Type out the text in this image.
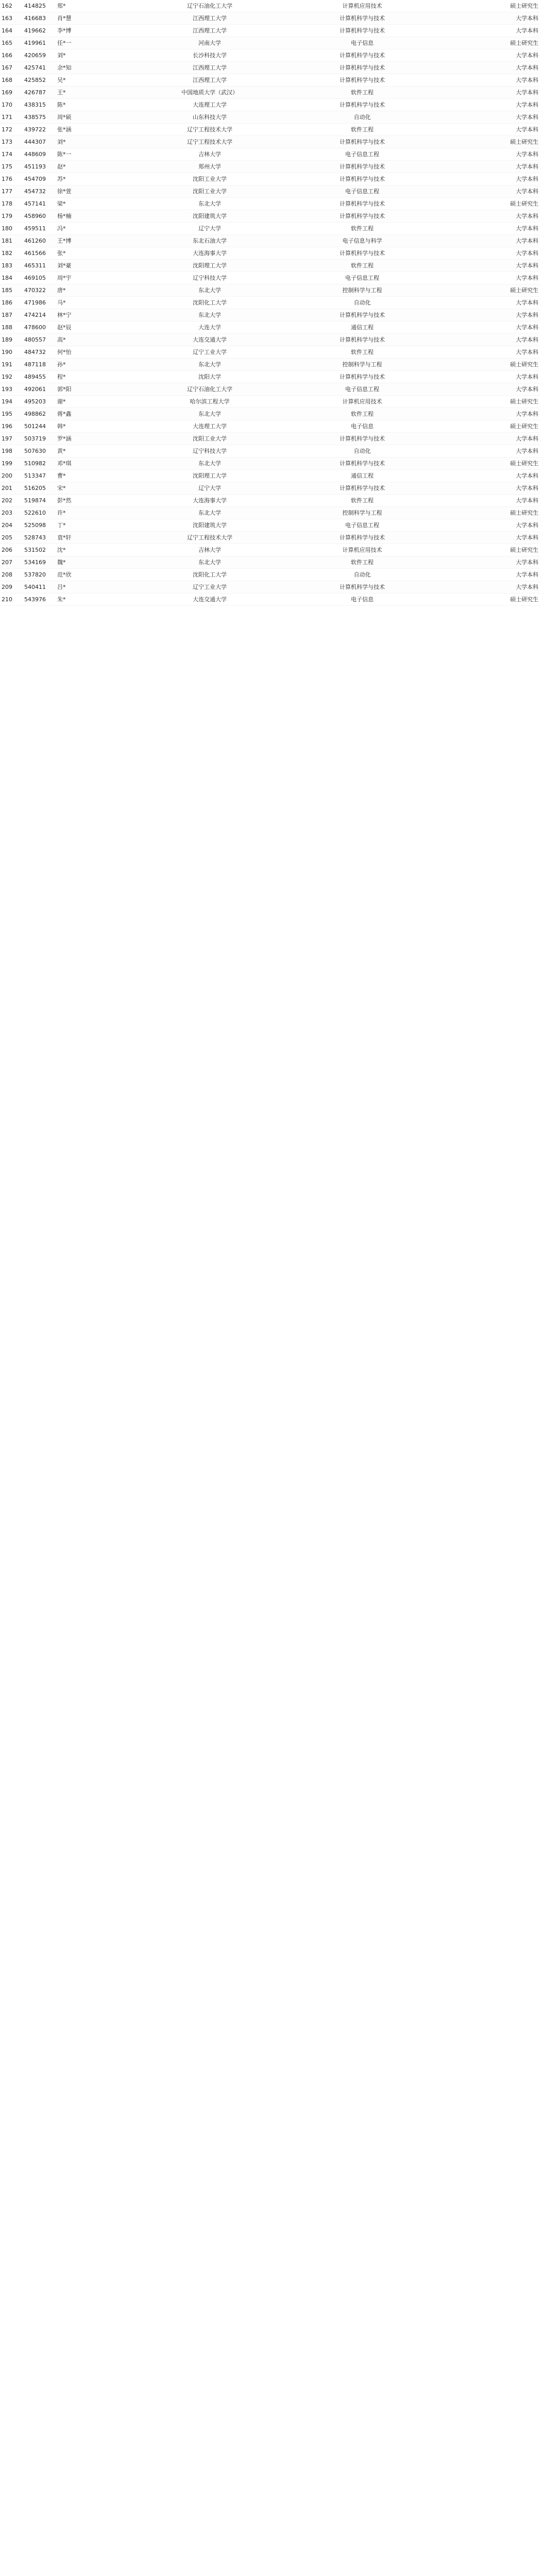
162	414825	郑*	辽宁石油化工大学	计算机应用技术	硕士研究生
163	416683	肖*慧	江西理工大学	计算机科学与技术	大学本科
164	419662	李*博	江西理工大学	计算机科学与技术	大学本科
165	419961	任*一	河南大学	电子信息	硕士研究生
166	420659	刘*	长沙科技大学	计算机科学与技术	大学本科
167	425741	余*知	江西理工大学	计算机科学与技术	大学本科
168	425852	吴*	江西理工大学	计算机科学与技术	大学本科
169	426787	王*	中国地质大学（武汉）	软件工程	大学本科
170	438315	陈*	大连理工大学	计算机科学与技术	大学本科
171	438575	周*硕	山东科技大学	自动化	大学本科
172	439722	张*涵	辽宁工程技术大学	软件工程	大学本科
173	444307	刘*	辽宁工程技术大学	计算机科学与技术	硕士研究生
174	448609	陈*一	吉林大学	电子信息工程	大学本科
175	451193	赵*	郑州大学	计算机科学与技术	大学本科
176	454709	苏*	沈阳工业大学	计算机科学与技术	大学本科
177	454732	徐*萱	沈阳工业大学	电子信息工程	大学本科
178	457141	梁*	东北大学	计算机科学与技术	硕士研究生
179	458960	杨*楠	沈阳建筑大学	计算机科学与技术	大学本科
180	459511	冯*	辽宁大学	软件工程	大学本科
181	461260	王*博	东北石油大学	电子信息与科学	大学本科
182	461566	张*	大连海事大学	计算机科学与技术	大学本科
183	465311	刘*豪	沈阳理工大学	软件工程	大学本科
184	469105	周*宇	辽宁科技大学	电子信息工程	大学本科
185	470322	唐*	东北大学	控制科学与工程	硕士研究生
186	471986	马*	沈阳化工大学	自动化	大学本科
187	474214	林*宁	东北大学	计算机科学与技术	大学本科
188	478600	赵*辰	大连大学	通信工程	大学本科
189	480557	高*	大连交通大学	计算机科学与技术	大学本科
190	484732	何*怡	辽宁工业大学	软件工程	大学本科
191	487118	孙*	东北大学	控制科学与工程	硕士研究生
192	489455	程*	沈阳大学	计算机科学与技术	大学本科
193	492061	郭*阳	辽宁石油化工大学	电子信息工程	大学本科
194	495203	谢*	哈尔滨工程大学	计算机应用技术	硕士研究生
195	498862	蒋*鑫	东北大学	软件工程	大学本科
196	501244	韩*	大连理工大学	电子信息	硕士研究生
197	503719	罗*涵	沈阳工业大学	计算机科学与技术	大学本科
198	507630	黄*	辽宁科技大学	自动化	大学本科
199	510982	邓*琪	东北大学	计算机科学与技术	硕士研究生
200	513347	曹*	沈阳理工大学	通信工程	大学本科
201	516205	宋*	辽宁大学	计算机科学与技术	大学本科
202	519874	彭*然	大连海事大学	软件工程	大学本科
203	522610	许*	东北大学	控制科学与工程	硕士研究生
204	525098	丁*	沈阳建筑大学	电子信息工程	大学本科
205	528743	袁*轩	辽宁工程技术大学	计算机科学与技术	大学本科
206	531502	沈*	吉林大学	计算机应用技术	硕士研究生
207	534169	魏*	东北大学	软件工程	大学本科
208	537820	范*欣	沈阳化工大学	自动化	大学本科
209	540411	吕*	辽宁工业大学	计算机科学与技术	大学本科
210	543976	朱*	大连交通大学	电子信息	硕士研究生
